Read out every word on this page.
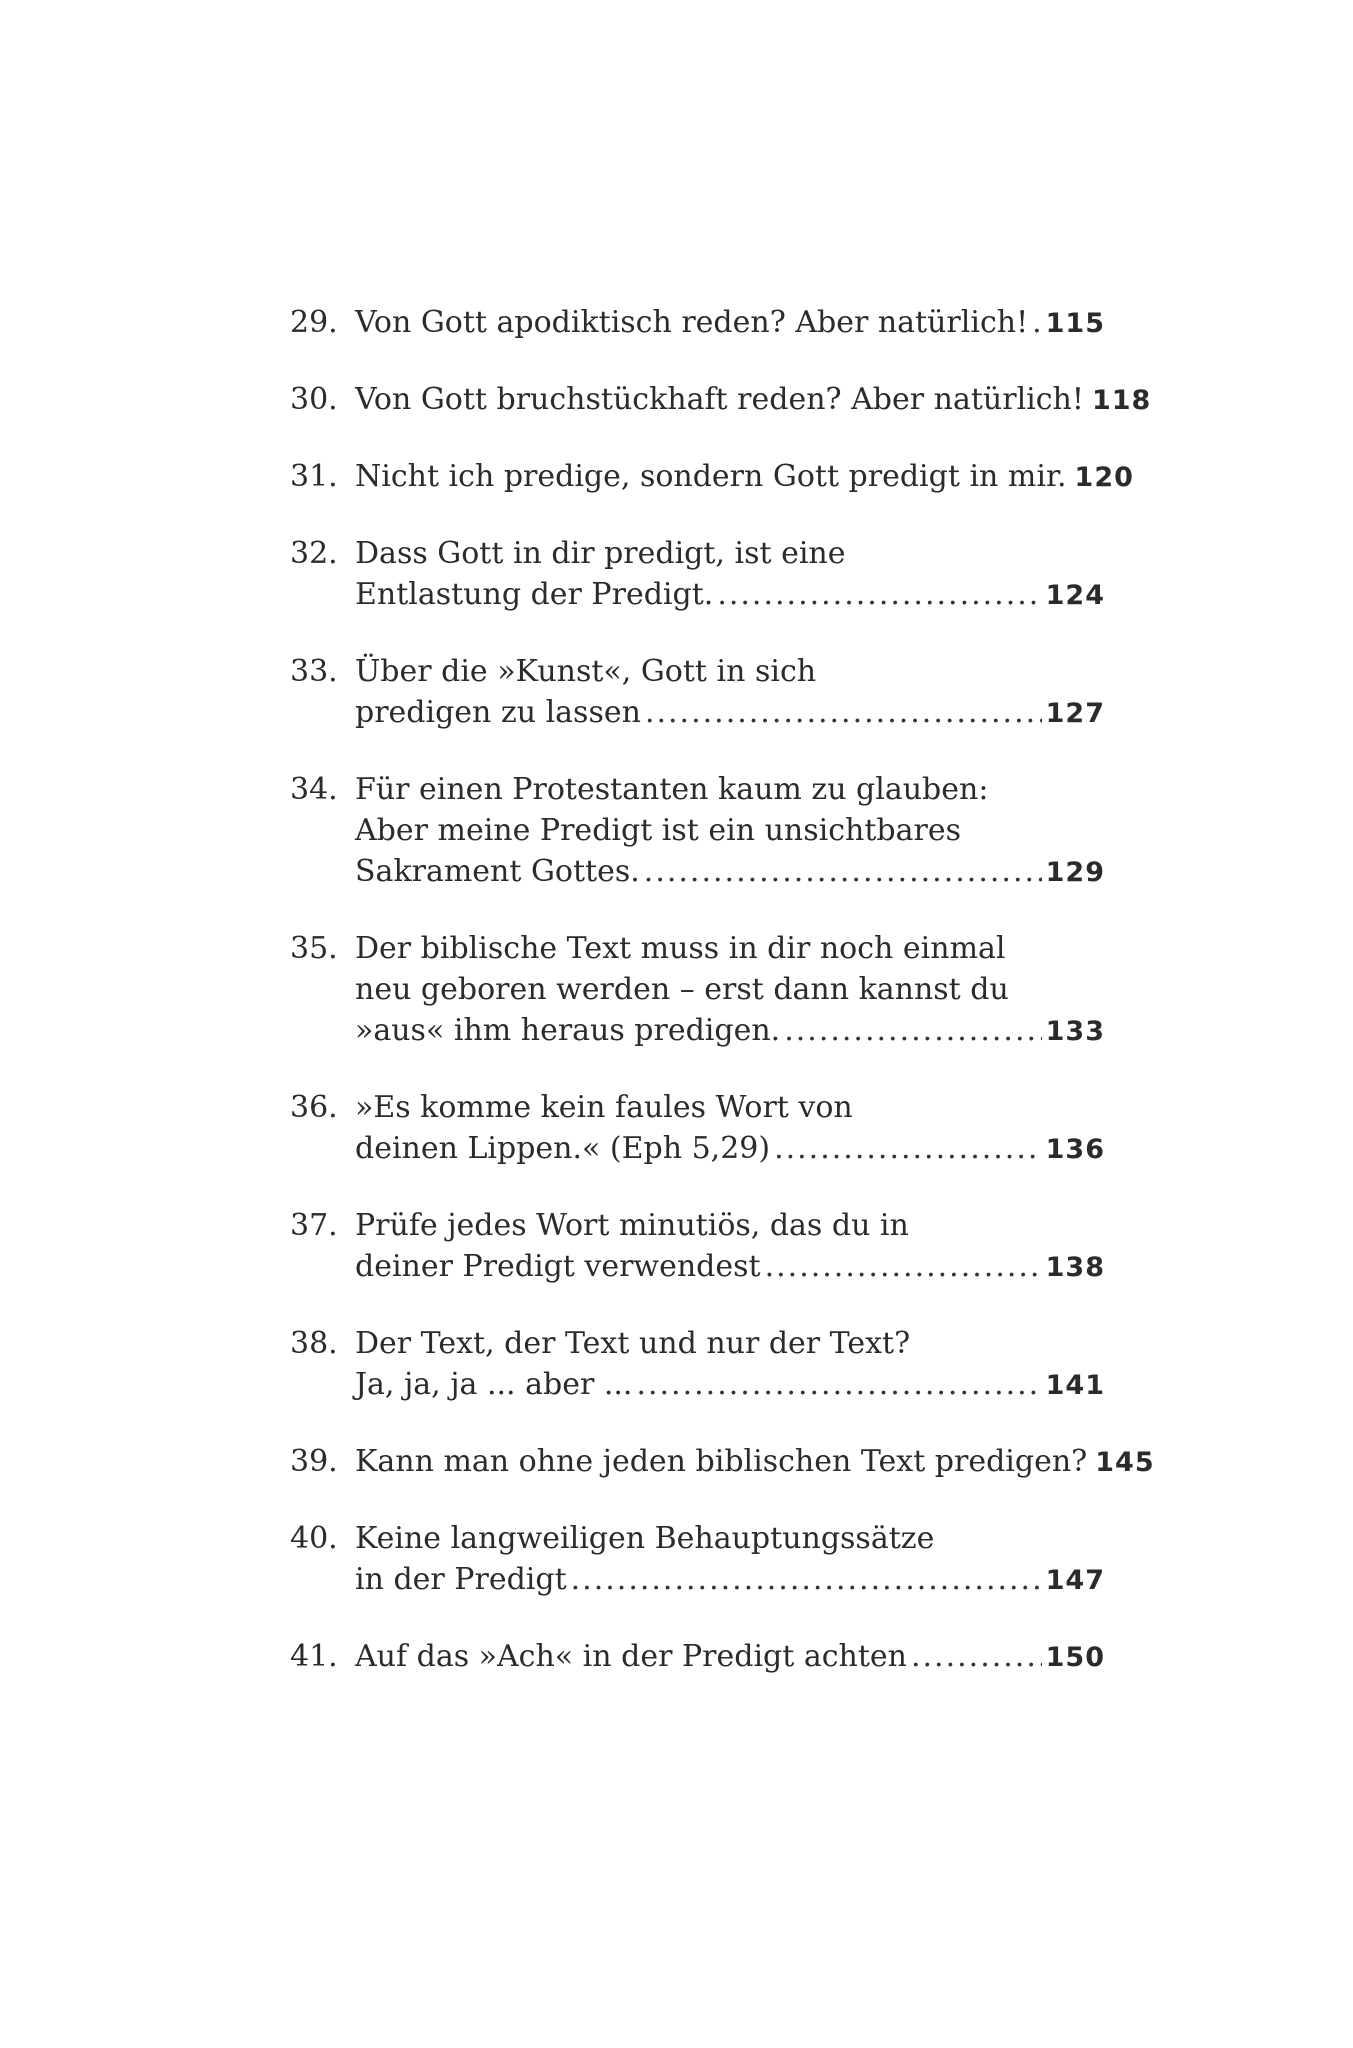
29. Von Gott apodiktisch reden? Aber natürlich! ..... 115
30. Von Gott bruchstückhaft reden? Aber natürlich! 118
31. Nicht ich predige, sondern Gott predigt in mir. 120
32. Dass Gott in dir predigt, ist eine
Entlastung der Predigt. .....	124
33. Über die »Kunst«, Gott in sich
predigen zu lassen .....	127
34. Für einen Protestanten kaum zu glauben:
Aber meine Predigt ist ein unsichtbares
Sakrament Gottes. .....	129
35. Der biblische Text muss in dir noch einmal
neu geboren werden – erst dann kannst du
»aus« ihm heraus predigen. .....	133
36. »Es komme kein faules Wort von
deinen Lippen.« (Eph 5,29) .....	136
37. Prüfe jedes Wort minutiös, das du in
deiner Predigt verwendest .....	138
38. Der Text, der Text und nur der Text?
Ja, ja, ja ... aber ... .....	141
39. Kann man ohne jeden biblischen Text predigen? 145
40. Keine langweiligen Behauptungssätze
in der Predigt .....	147
41. Auf das »Ach« in der Predigt achten .....	150
